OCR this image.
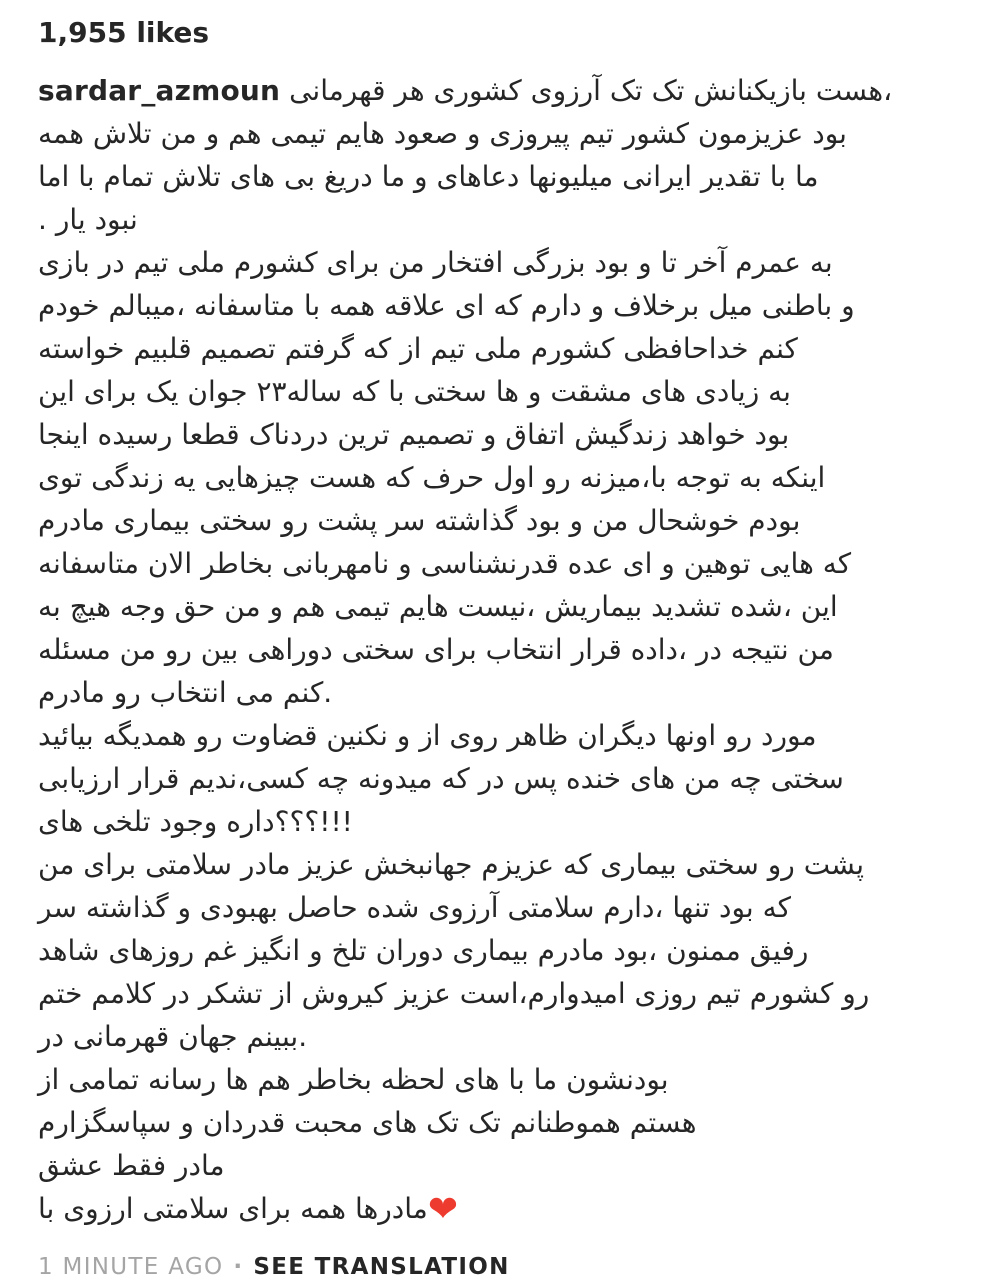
1,955 likes
sardar_azmoun قهرمانی هر کشوری آرزوی تک تک بازیکنانش هست،
همه تلاش من و هم تیمی هایم صعود و پیروزی تیم کشور عزیزمون بود
اما با تمام تلاش های بی دریغ ما و دعاهای میلیونها ایرانی تقدیر با ما
. یار نبود
بازی در تیم ملی کشورم برای من افتخار بزرگی بود و تا آخر عمرم به
خودم میبالم، متاسفانه با همه علاقه ای که دارم و برخلاف میل باطنی و
خواسته قلبیم تصمیم گرفتم که از تیم ملی کشورم خداحافظی کنم
این برای یک جوان ۲۳ساله که با سختی ها و مشقت های زیادی به
اینجا رسیده قطعا دردناک ترین تصمیم و اتفاق زندگیش خواهد بود
توی زندگی یه چیزهایی هست که حرف اول رو میزنه،با توجه به اینکه
مادرم بیماری سختی رو پشت سر گذاشته بود و من خوشحال بودم
متاسفانه الان بخاطر نامهربانی و قدرنشناسی عده ای و توهین هایی که
به هیچ وجه حق من و هم تیمی هایم نیست، بیماریش تشدید شده، این
مسئله من رو بین دوراهی سختی برای انتخاب قرار داده، در نتیجه من
مادرم رو انتخاب می کنم.
بیائید همدیگه رو قضاوت نکنین و از روی ظاهر دیگران اونها رو مورد
ارزیابی قرار ندیم،کسی چه میدونه که در پس خنده های من چه سختی
های تلخی وجود داره؟؟؟!!!
من برای سلامتی مادر عزیز جهانبخش عزیزم که بیماری سختی رو پشت
سر گذاشته و بهبودی حاصل شده آرزوی سلامتی دارم، تنها بود که
شاهد روزهای غم انگیز و تلخ دوران بیماری مادرم بود، ممنون رفیق
ختم کلامم در تشکر از کیروش عزیز است،امیدوارم روزی تیم کشورم رو
در قهرمانی جهان ببینم.
از تمامی رسانه ها هم بخاطر لحظه های با ما بودنشون
سپاسگزارم و قدردان محبت های تک تک هموطنانم هستم
عشق فقط مادر
با ارزوی سلامتی برای همه مادرها❤
1 MINUTE AGO · SEE TRANSLATION
